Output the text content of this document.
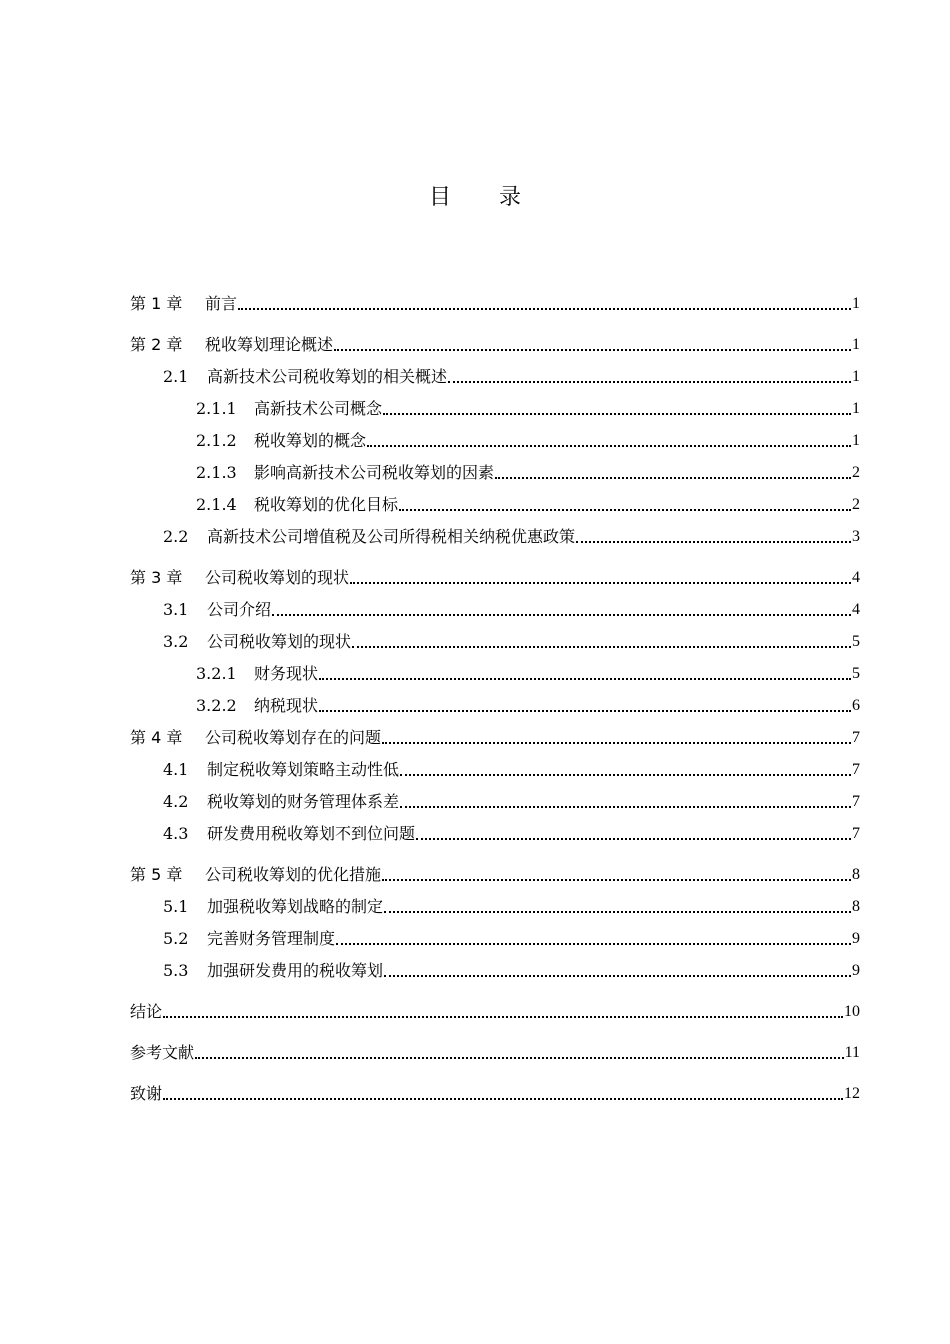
目 录
第 1 章	前言	1
第 2 章	税收筹划理论概述	1
2.1	高新技术公司税收筹划的相关概述	1
2.1.1	高新技术公司概念	1
2.1.2	税收筹划的概念	1
2.1.3	影响高新技术公司税收筹划的因素	2
2.1.4	税收筹划的优化目标	2
2.2	高新技术公司增值税及公司所得税相关纳税优惠政策	3
第 3 章	公司税收筹划的现状	4
3.1	公司介绍	4
3.2	公司税收筹划的现状	5
3.2.1	财务现状	5
3.2.2	纳税现状	6
第 4 章	公司税收筹划存在的问题	7
4.1	制定税收筹划策略主动性低	7
4.2	税收筹划的财务管理体系差	7
4.3	研发费用税收筹划不到位问题	7
第 5 章	公司税收筹划的优化措施	8
5.1	加强税收筹划战略的制定	8
5.2	完善财务管理制度	9
5.3	加强研发费用的税收筹划	9
结论	10
参考文献	11
致谢	12
